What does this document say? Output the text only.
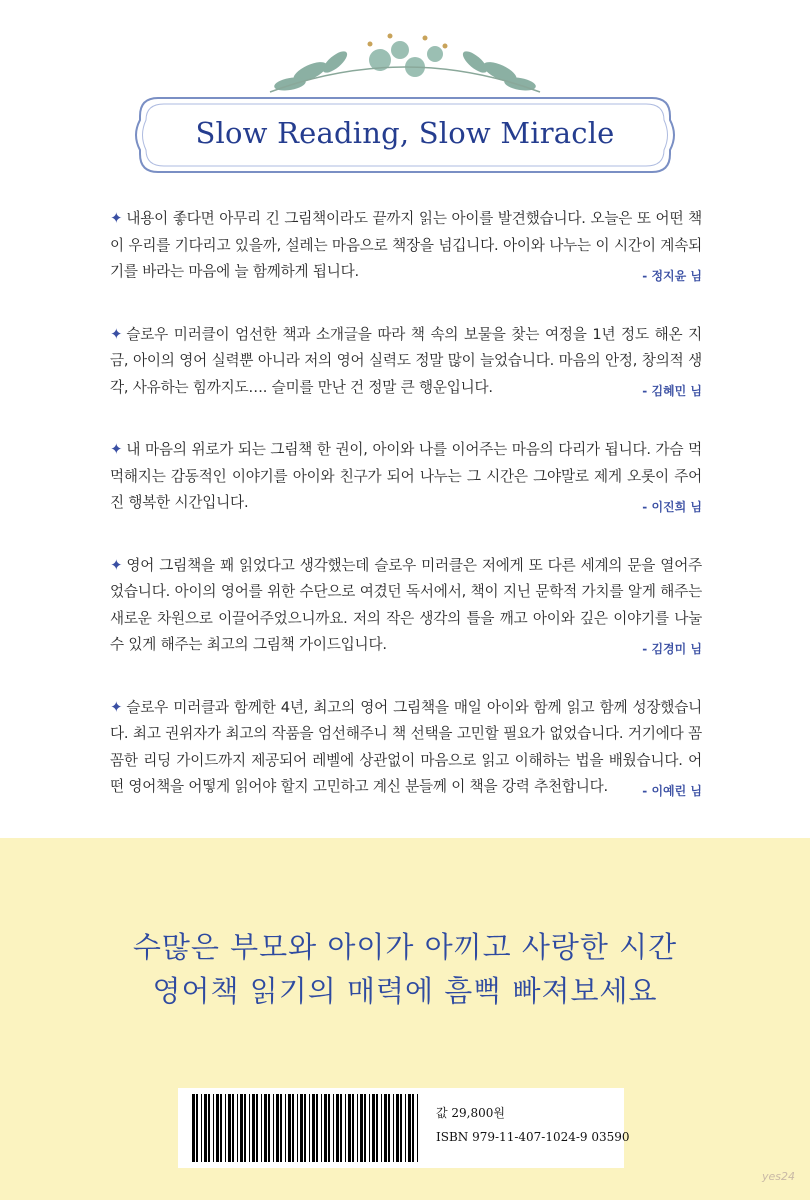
Slow Reading, Slow Miracle

✦ 내용이 좋다면 아무리 긴 그림책이라도 끝까지 읽는 아이를 발견했습니다. 오늘은 또 어떤 책이 우리를 기다리고 있을까, 설레는 마음으로 책장을 넘깁니다. 아이와 나누는 이 시간이 계속되기를 바라는 마음에 늘 함께하게 됩니다.	- 정지윤 님

✦ 슬로우 미러클이 엄선한 책과 소개글을 따라 책 속의 보물을 찾는 여정을 1년 정도 해온 지금, 아이의 영어 실력뿐 아니라 저의 영어 실력도 정말 많이 늘었습니다. 마음의 안정, 창의적 생각, 사유하는 힘까지도…. 슬미를 만난 건 정말 큰 행운입니다.	- 김혜민 님

✦ 내 마음의 위로가 되는 그림책 한 권이, 아이와 나를 이어주는 마음의 다리가 됩니다. 가슴 먹먹해지는 감동적인 이야기를 아이와 친구가 되어 나누는 그 시간은 그야말로 제게 오롯이 주어진 행복한 시간입니다.	- 이진희 님

✦ 영어 그림책을 꽤 읽었다고 생각했는데 슬로우 미러클은 저에게 또 다른 세계의 문을 열어주었습니다. 아이의 영어를 위한 수단으로 여겼던 독서에서, 책이 지닌 문학적 가치를 알게 해주는 새로운 차원으로 이끌어주었으니까요. 저의 작은 생각의 틀을 깨고 아이와 깊은 이야기를 나눌 수 있게 해주는 최고의 그림책 가이드입니다.	- 김경미 님

✦ 슬로우 미러클과 함께한 4년, 최고의 영어 그림책을 매일 아이와 함께 읽고 함께 성장했습니다. 최고 권위자가 최고의 작품을 엄선해주니 책 선택을 고민할 필요가 없었습니다. 거기에다 꼼꼼한 리딩 가이드까지 제공되어 레벨에 상관없이 마음으로 읽고 이해하는 법을 배웠습니다. 어떤 영어책을 어떻게 읽어야 할지 고민하고 계신 분들께 이 책을 강력 추천합니다.	- 이예린 님
수많은 부모와 아이가 아끼고 사랑한 시간
영어책 읽기의 매력에 흠뻑 빠져보세요
값 29,800원
ISBN 979-11-407-1024-9 03590
yes24
